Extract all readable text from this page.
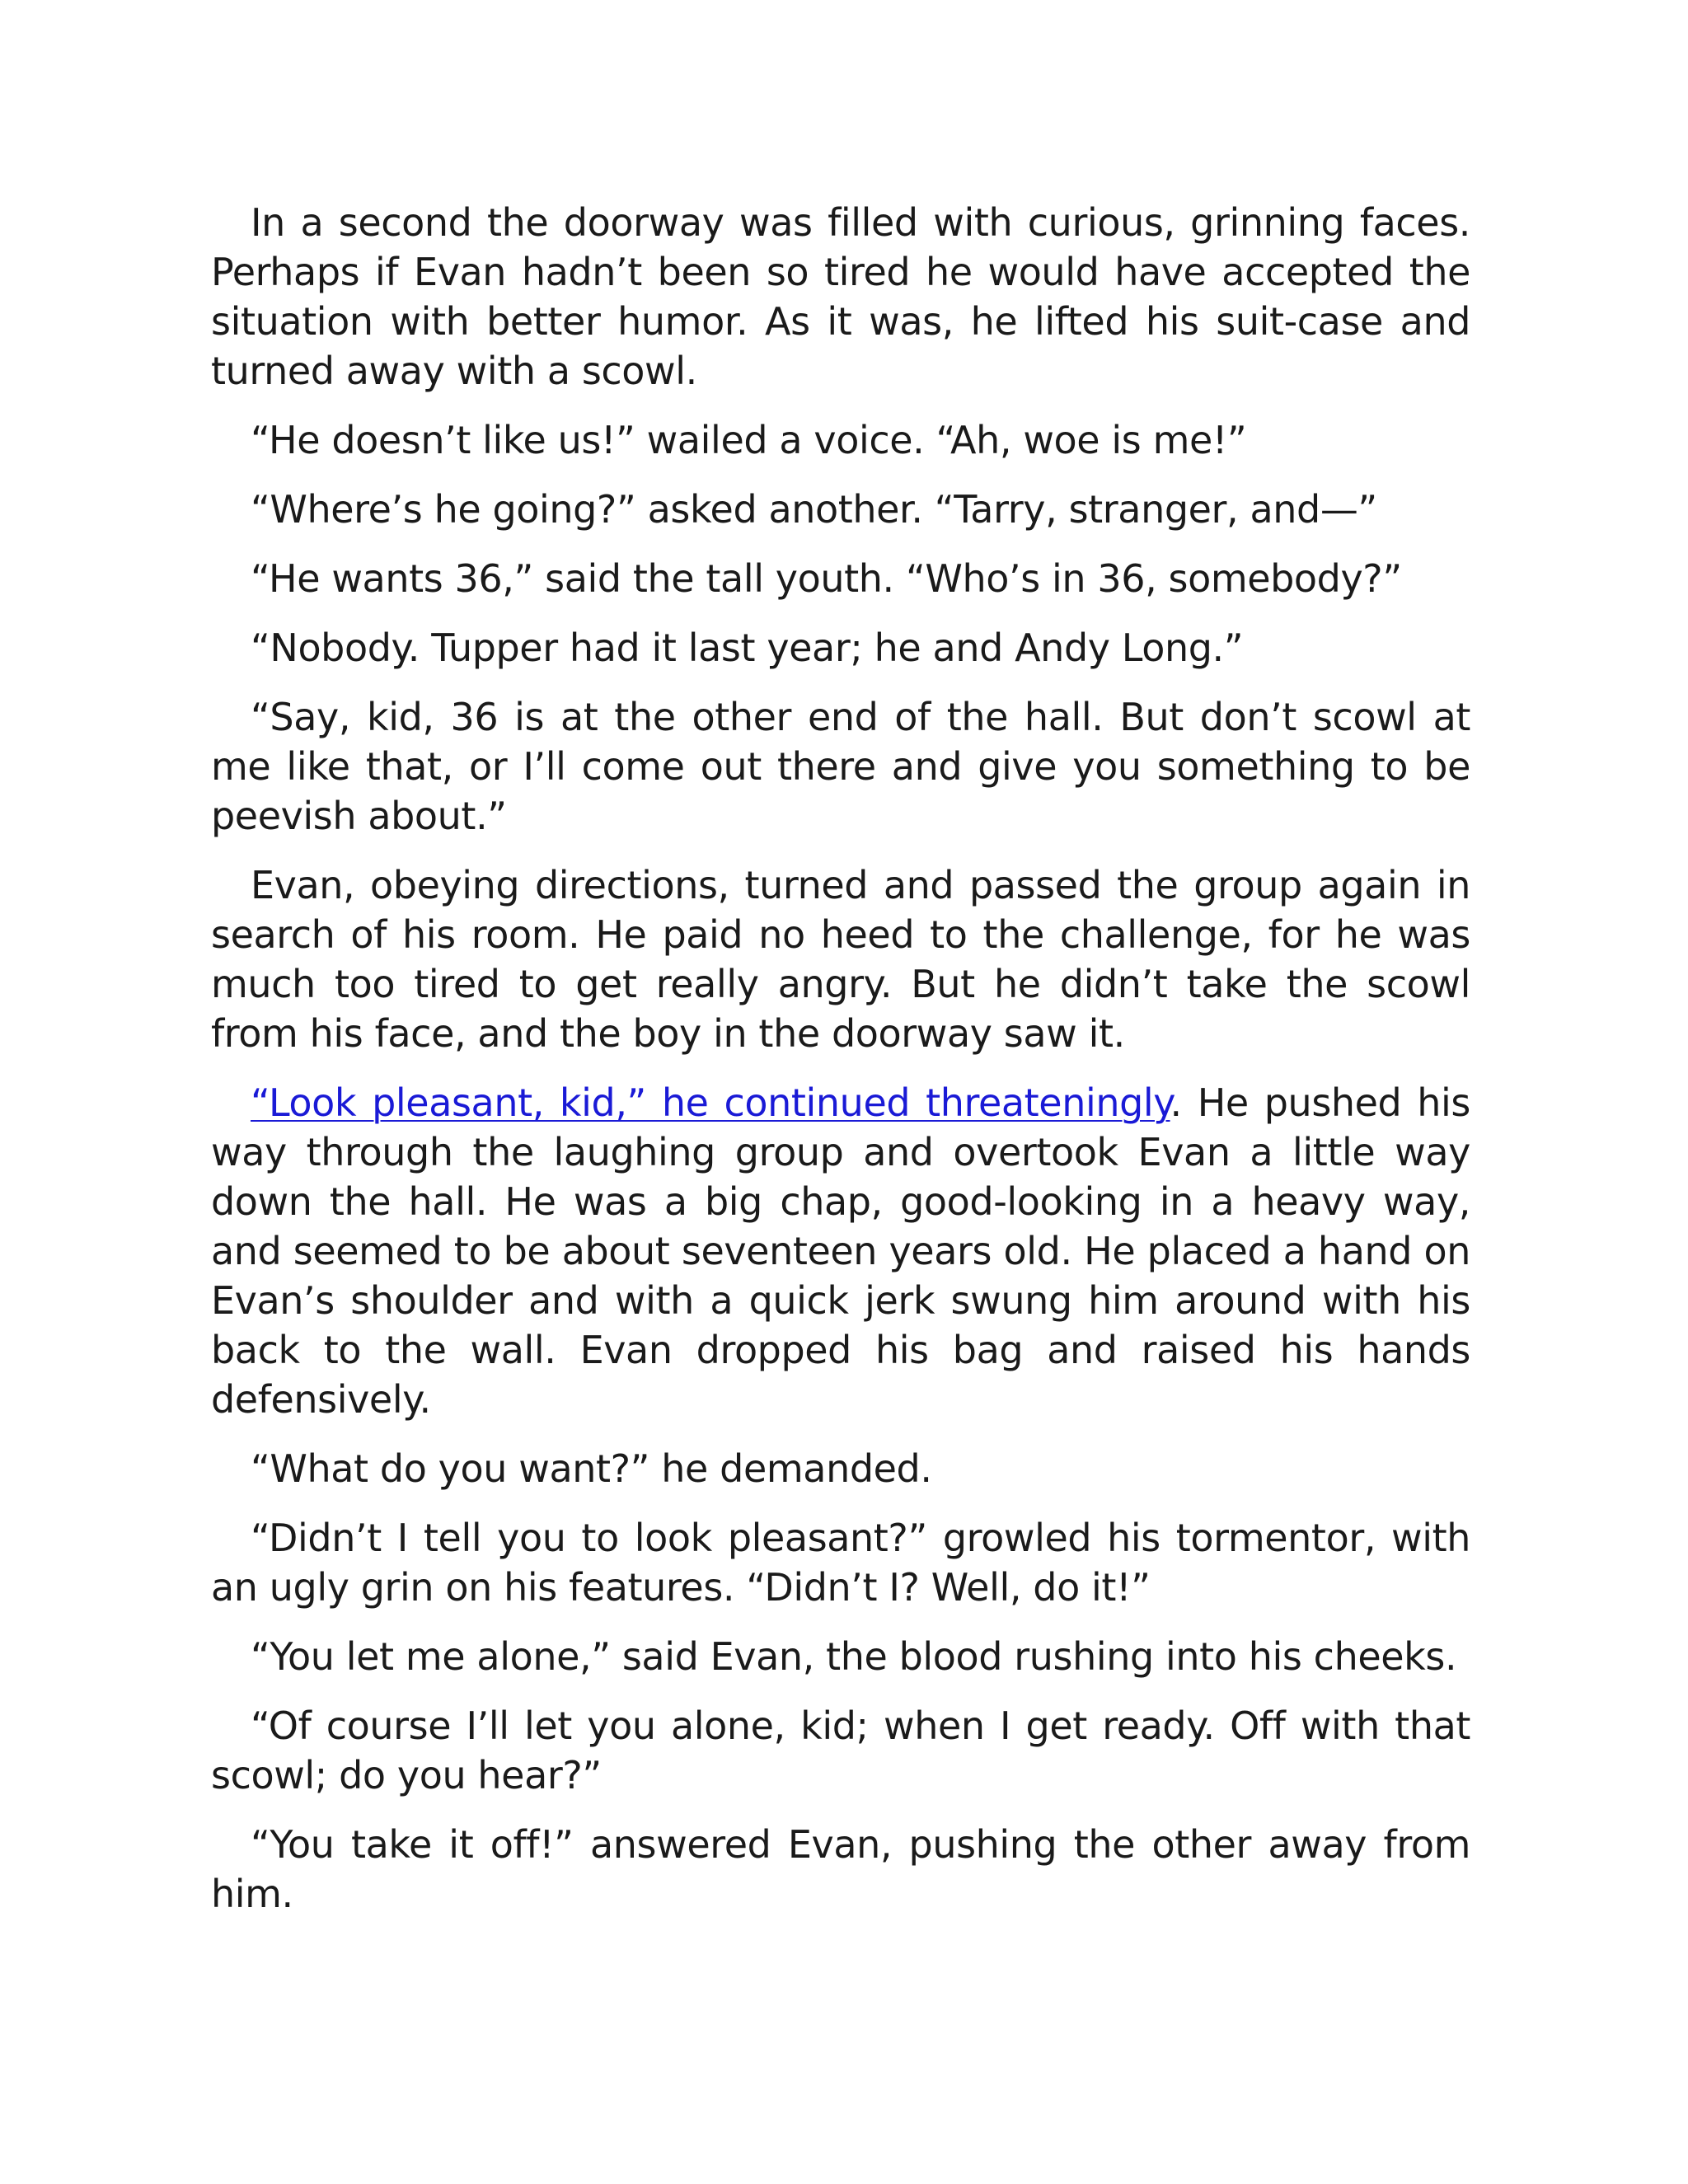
In a second the doorway was filled with curious, grinning faces. Perhaps if Evan hadn’t been so tired he would have accepted the situation with better humor. As it was, he lifted his suit-case and turned away with a scowl.

“He doesn’t like us!” wailed a voice. “Ah, woe is me!”

“Where’s he going?” asked another. “Tarry, stranger, and—”

“He wants 36,” said the tall youth. “Who’s in 36, somebody?”

“Nobody. Tupper had it last year; he and Andy Long.”

“Say, kid, 36 is at the other end of the hall. But don’t scowl at me like that, or I’ll come out there and give you something to be peevish about.”

Evan, obeying directions, turned and passed the group again in search of his room. He paid no heed to the challenge, for he was much too tired to get really angry. But he didn’t take the scowl from his face, and the boy in the doorway saw it.

“Look pleasant, kid,” he continued threateningly. He pushed his way through the laughing group and overtook Evan a little way down the hall. He was a big chap, good-looking in a heavy way, and seemed to be about seventeen years old. He placed a hand on Evan’s shoulder and with a quick jerk swung him around with his back to the wall. Evan dropped his bag and raised his hands defensively.

“What do you want?” he demanded.

“Didn’t I tell you to look pleasant?” growled his tormentor, with an ugly grin on his features. “Didn’t I? Well, do it!”

“You let me alone,” said Evan, the blood rushing into his cheeks.

“Of course I’ll let you alone, kid; when I get ready. Off with that scowl; do you hear?”

“You take it off!” answered Evan, pushing the other away from him.
